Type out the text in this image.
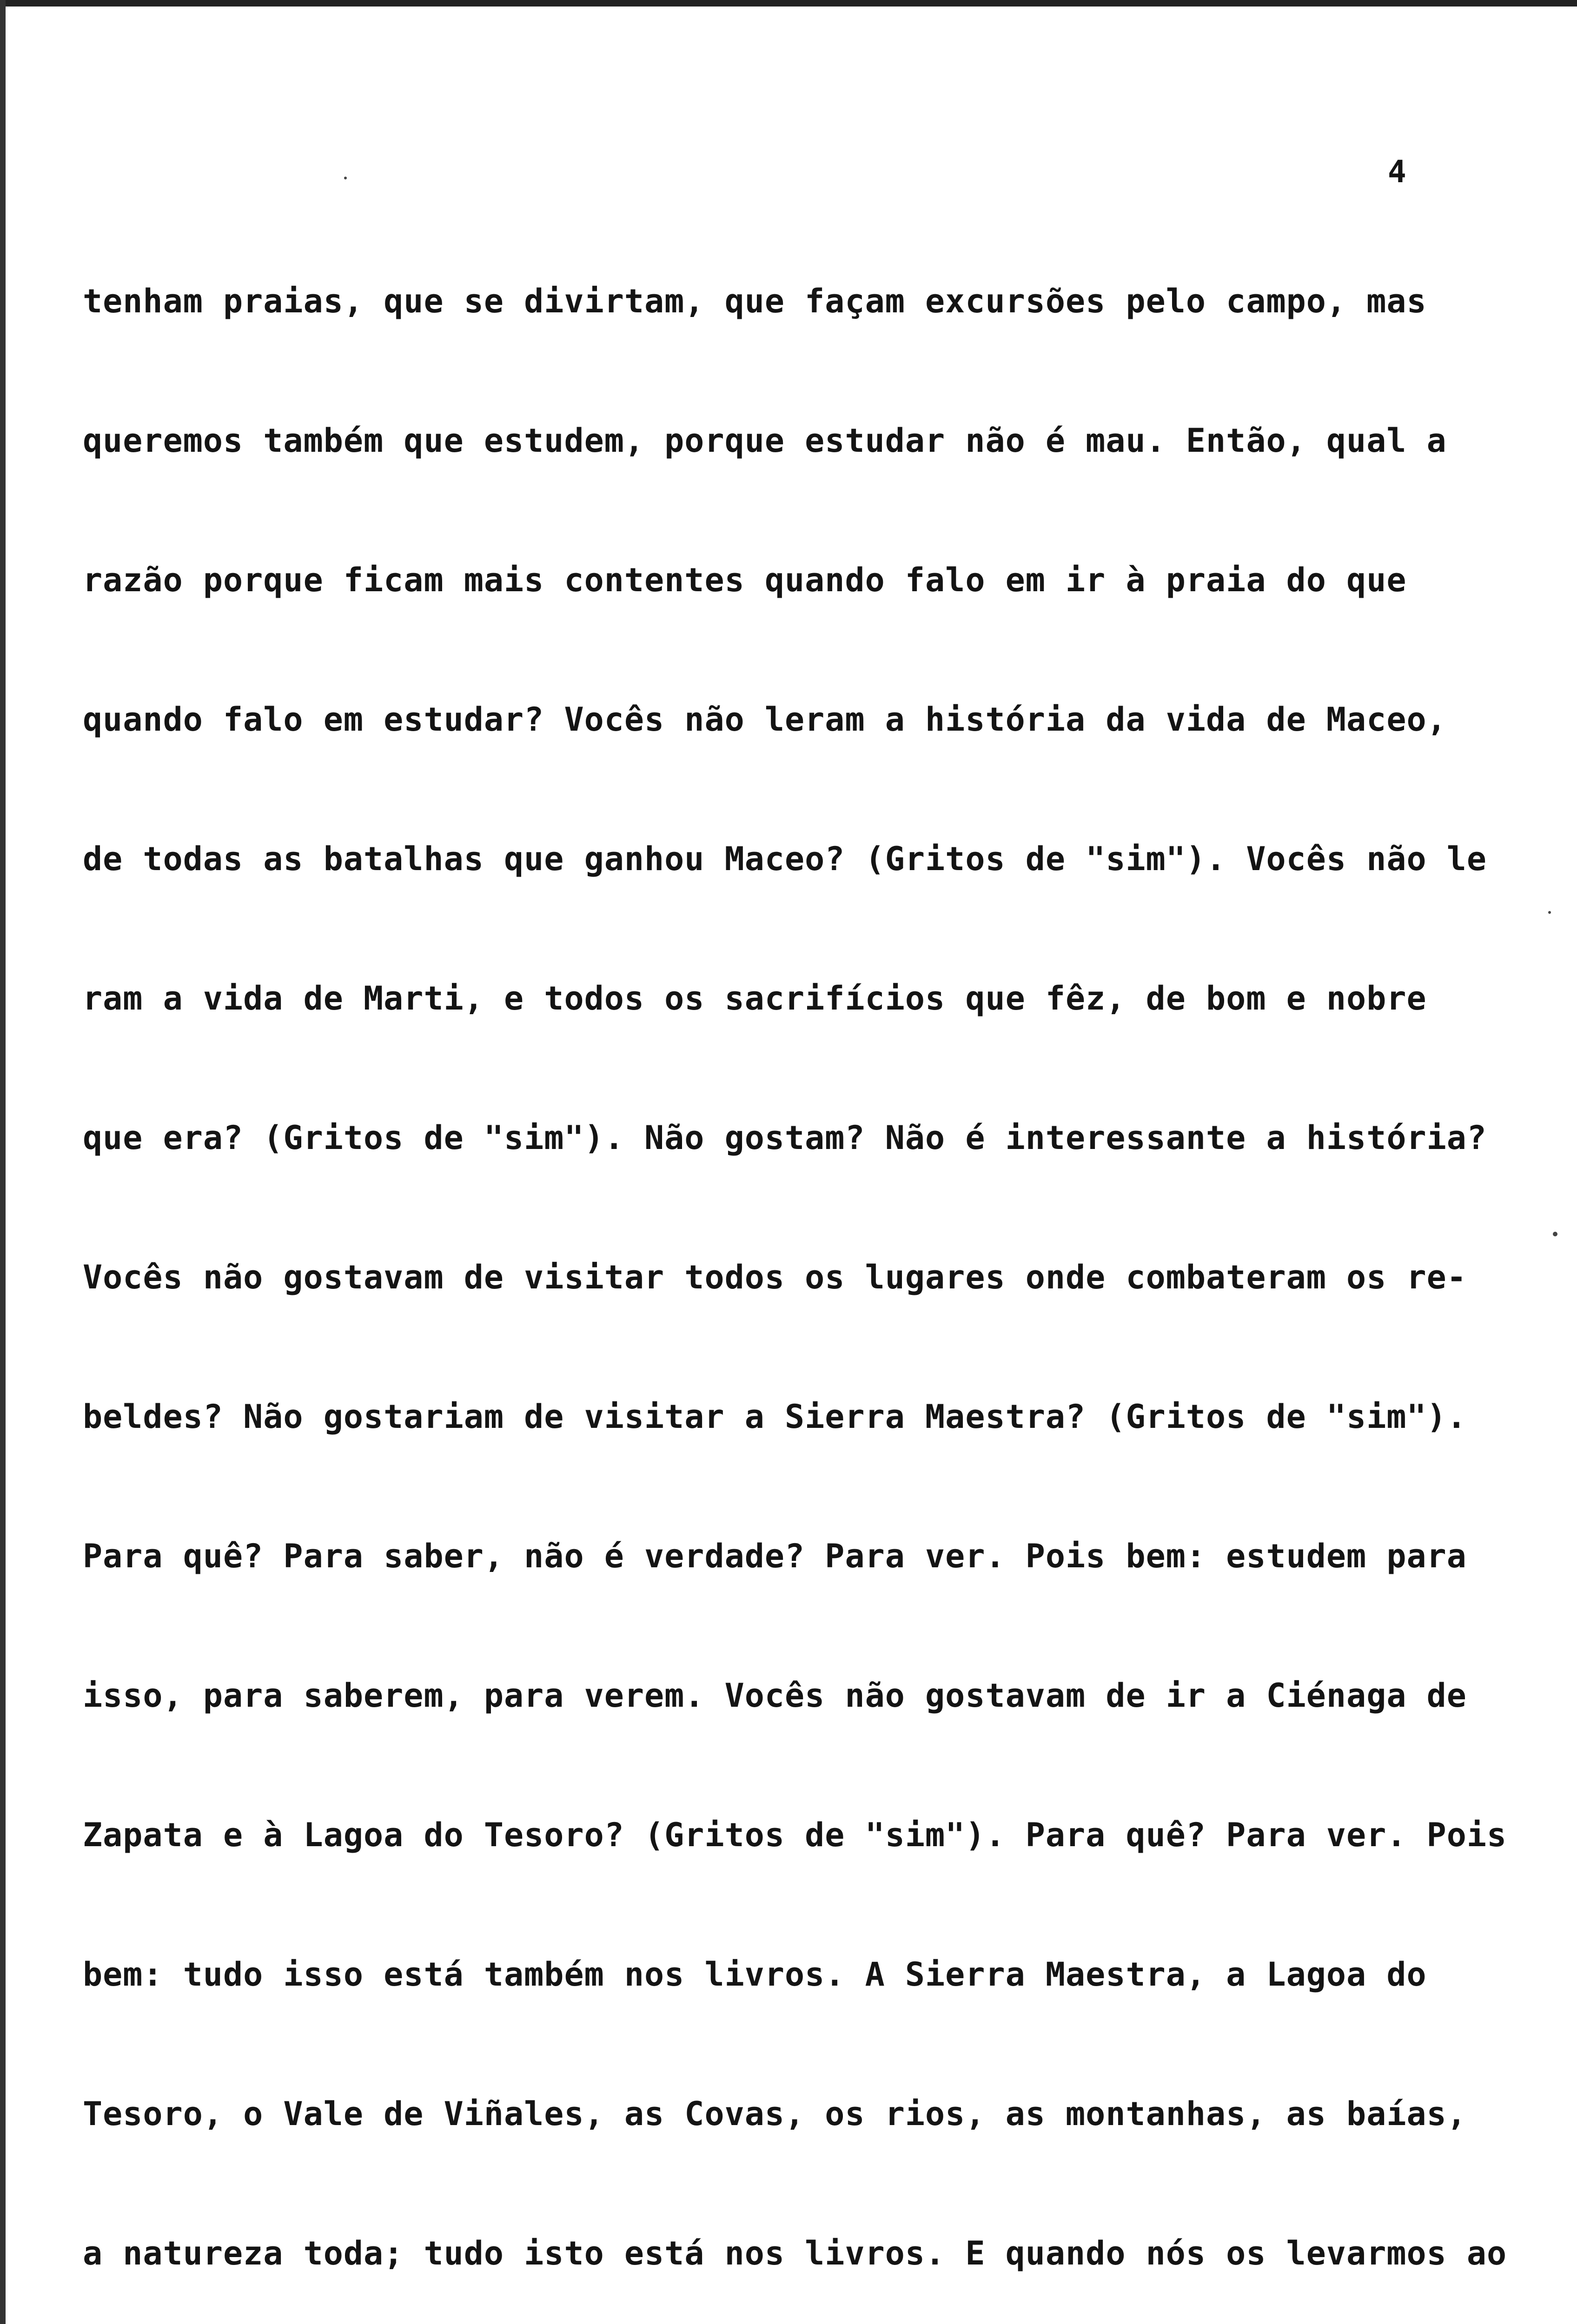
4

tenham praias, que se divirtam, que façam excursões pelo campo, mas

queremos também que estudem, porque estudar não é mau. Então, qual a

razão porque ficam mais contentes quando falo em ir à praia do que

quando falo em estudar? Vocês não leram a história da vida de Maceo,

de todas as batalhas que ganhou Maceo? (Gritos de "sim"). Vocês não le

ram a vida de Marti, e todos os sacrifícios que fêz, de bom e nobre

que era? (Gritos de "sim"). Não gostam? Não é interessante a história?

Vocês não gostavam de visitar todos os lugares onde combateram os re-

beldes? Não gostariam de visitar a Sierra Maestra? (Gritos de "sim").

Para quê? Para saber, não é verdade? Para ver. Pois bem: estudem para

isso, para saberem, para verem. Vocês não gostavam de ir a Ciénaga de

Zapata e à Lagoa do Tesoro? (Gritos de "sim"). Para quê? Para ver. Pois

bem: tudo isso está também nos livros. A Sierra Maestra, a Lagoa do

Tesoro, o Vale de Viñales, as Covas, os rios, as montanhas, as baías,

a natureza toda; tudo isto está nos livros. E quando nós os levarmos ao
